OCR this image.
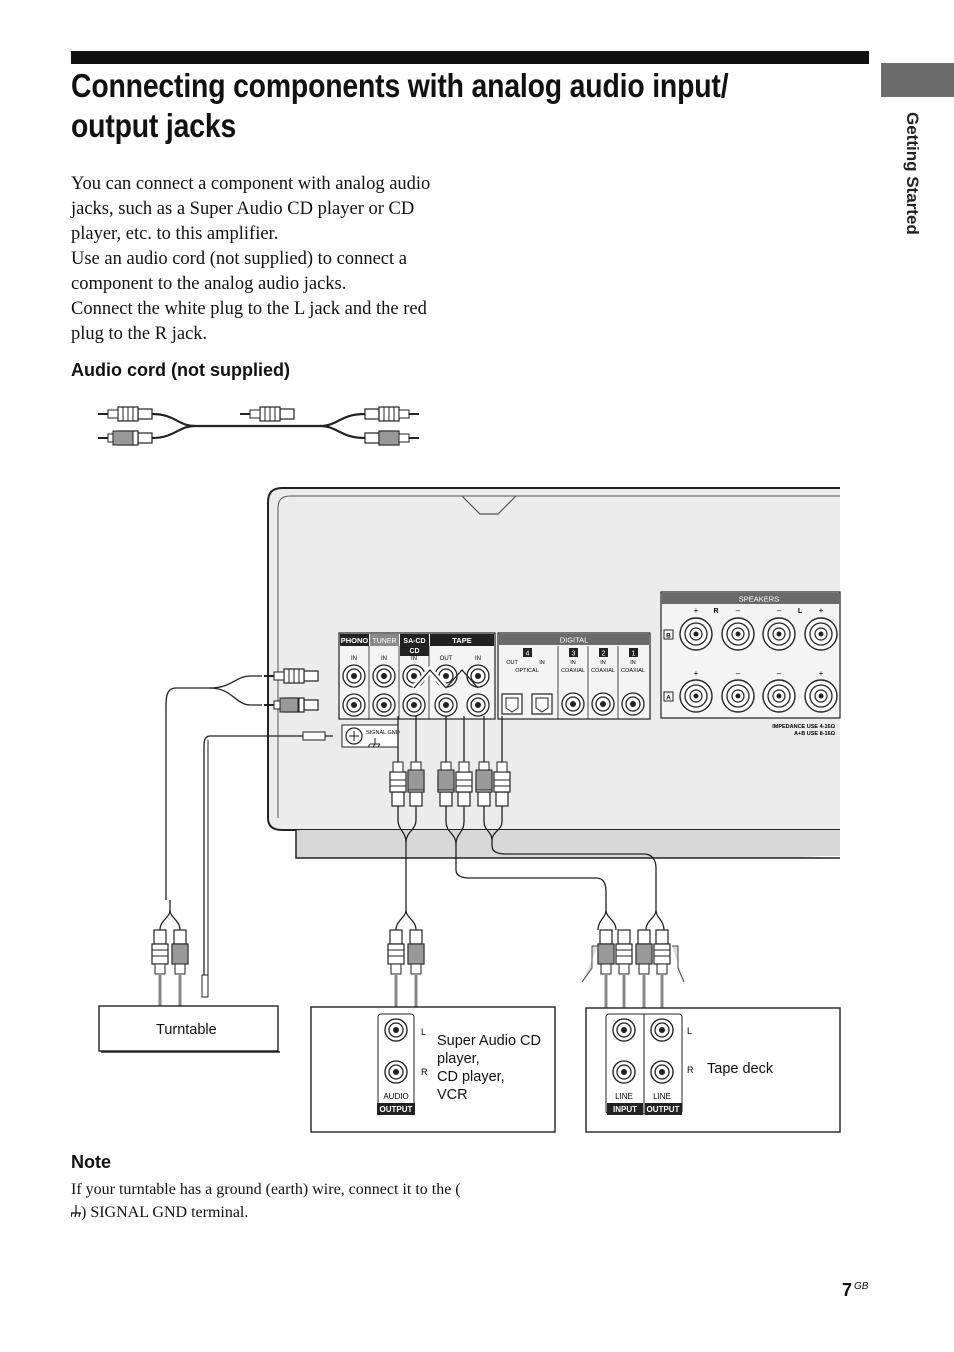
Getting Started
Connecting components with analog audio input/ output jacks

You can connect a component with analog audio jacks, such as a Super Audio CD player or CD player, etc. to this amplifier.

Use an audio cord (not supplied) to connect a component to the analog audio jacks.

Connect the white plug to the L jack and the red plug to the R jack.

Audio cord (not supplied)
PHONO TUNER SA-CD
CD
TAPE
IN	IN	IN	OUT	IN
SIGNAL GND
DIGITAL
4	3	2	1
OUT	IN	IN	IN	IN
OPTICAL	COAXIAL COAXIAL COAXIAL
SPEAKERS
+ R –	– L +
B
+	–	–	+
A
IMPEDANCE USE 4-16Ω
A+B USE 8-16Ω
OUTPUT
AUDIO
L
R
INPUT OUTPUT
LINE	LINE
L
R
Turntable
Super Audio CD
player,
CD player,
VCR
Tape deck
Note

If your turntable has a ground (earth) wire, connect it to the () SIGNAL GND terminal.

7 $^{GB}$
